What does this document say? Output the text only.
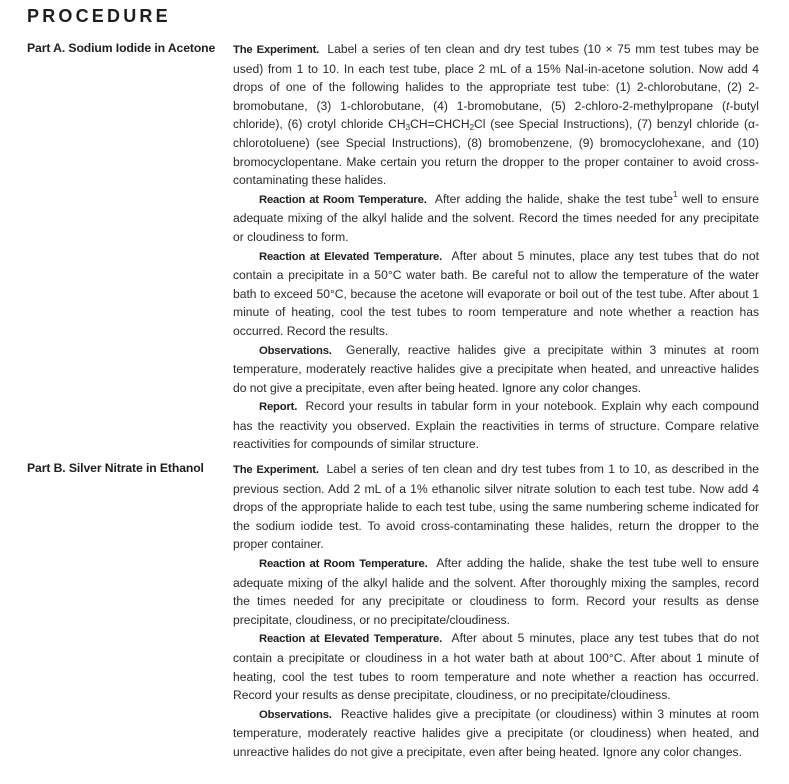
PROCEDURE
Part A. Sodium Iodide in Acetone	The Experiment. Label a series of ten clean and dry test tubes (10 × 75 mm test tubes may be used) from 1 to 10. In each test tube, place 2 mL of a 15% NaI-in-acetone solution. Now add 4 drops of one of the following halides to the appropriate test tube: (1) 2-chlorobutane, (2) 2-bromobutane, (3) 1-chlorobutane, (4) 1-bromobutane, (5) 2-chloro-2-methylpropane (t-butyl chloride), (6) crotyl chloride $CH_3CH=CHCH_2Cl$ (see Special Instructions), (7) benzyl chloride (α-chlorotoluene) (see Special Instructions), (8) bromobenzene, (9) bromocyclohexane, and (10) bromocyclopentane. Make certain you return the dropper to the proper container to avoid cross-contaminating these halides.

Reaction at Room Temperature. After adding the halide, shake the test tube$^1$ well to ensure adequate mixing of the alkyl halide and the solvent. Record the times needed for any precipitate or cloudiness to form.

Reaction at Elevated Temperature. After about 5 minutes, place any test tubes that do not contain a precipitate in a 50°C water bath. Be careful not to allow the temperature of the water bath to exceed 50°C, because the acetone will evaporate or boil out of the test tube. After about 1 minute of heating, cool the test tubes to room temperature and note whether a reaction has occurred. Record the results.

Observations. Generally, reactive halides give a precipitate within 3 minutes at room temperature, moderately reactive halides give a precipitate when heated, and unreactive halides do not give a precipitate, even after being heated. Ignore any color changes.

Report. Record your results in tabular form in your notebook. Explain why each compound has the reactivity you observed. Explain the reactivities in terms of structure. Compare relative reactivities for compounds of similar structure.

Part B. Silver Nitrate in Ethanol	The Experiment. Label a series of ten clean and dry test tubes from 1 to 10, as described in the previous section. Add 2 mL of a 1% ethanolic silver nitrate solution to each test tube. Now add 4 drops of the appropriate halide to each test tube, using the same numbering scheme indicated for the sodium iodide test. To avoid cross-contaminating these halides, return the dropper to the proper container.

Reaction at Room Temperature. After adding the halide, shake the test tube well to ensure adequate mixing of the alkyl halide and the solvent. After thoroughly mixing the samples, record the times needed for any precipitate or cloudiness to form. Record your results as dense precipitate, cloudiness, or no precipitate/cloudiness.

Reaction at Elevated Temperature. After about 5 minutes, place any test tubes that do not contain a precipitate or cloudiness in a hot water bath at about 100°C. After about 1 minute of heating, cool the test tubes to room temperature and note whether a reaction has occurred. Record your results as dense precipitate, cloudiness, or no precipitate/cloudiness.

Observations. Reactive halides give a precipitate (or cloudiness) within 3 minutes at room temperature, moderately reactive halides give a precipitate (or cloudiness) when heated, and unreactive halides do not give a precipitate, even after being heated. Ignore any color changes.
